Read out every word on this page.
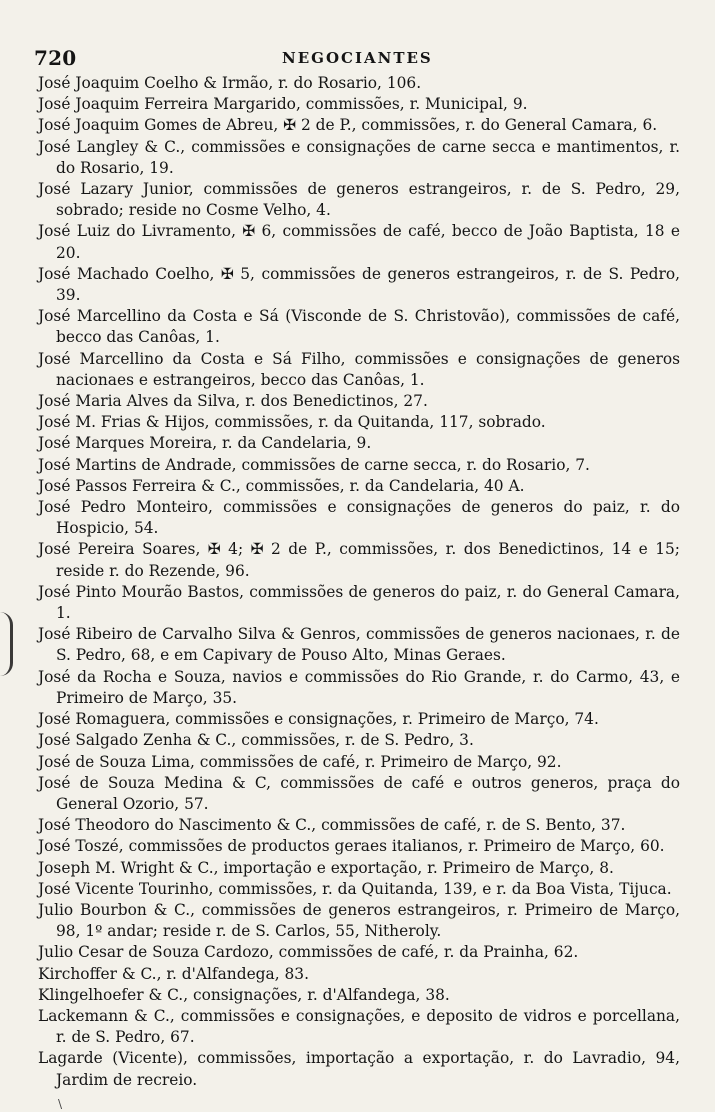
720	NEGOCIANTES

José Joaquim Coelho & Irmão, r. do Rosario, 106.

José Joaquim Ferreira Margarido, commissões, r. Municipal, 9.

José Joaquim Gomes de Abreu, ✠ 2 de P., commissões, r. do General Camara, 6.

José Langley & C., commissões e consignações de carne secca e mantimentos, r. do Rosario, 19.

José Lazary Junior, commissões de generos estrangeiros, r. de S. Pedro, 29, sobrado; reside no Cosme Velho, 4.

José Luiz do Livramento, ✠ 6, commissões de café, becco de João Baptista, 18 e 20.

José Machado Coelho, ✠ 5, commissões de generos estrangeiros, r. de S. Pedro, 39.

José Marcellino da Costa e Sá (Visconde de S. Christovão), commissões de café, becco das Canôas, 1.

José Marcellino da Costa e Sá Filho, commissões e consignações de generos nacionaes e estrangeiros, becco das Canôas, 1.

José Maria Alves da Silva, r. dos Benedictinos, 27.

José M. Frias & Hijos, commissões, r. da Quitanda, 117, sobrado.

José Marques Moreira, r. da Candelaria, 9.

José Martins de Andrade, commissões de carne secca, r. do Rosario, 7.

José Passos Ferreira & C., commissões, r. da Candelaria, 40 A.

José Pedro Monteiro, commissões e consignações de generos do paiz, r. do Hospicio, 54.

José Pereira Soares, ✠ 4; ✠ 2 de P., commissões, r. dos Benedictinos, 14 e 15; reside r. do Rezende, 96.

José Pinto Mourão Bastos, commissões de generos do paiz, r. do General Camara, 1.

José Ribeiro de Carvalho Silva & Genros, commissões de generos nacionaes, r. de S. Pedro, 68, e em Capivary de Pouso Alto, Minas Geraes.

José da Rocha e Souza, navios e commissões do Rio Grande, r. do Carmo, 43, e Primeiro de Março, 35.

José Romaguera, commissões e consignações, r. Primeiro de Março, 74.

José Salgado Zenha & C., commissões, r. de S. Pedro, 3.

José de Souza Lima, commissões de café, r. Primeiro de Março, 92.

José de Souza Medina & C, commissões de café e outros generos, praça do General Ozorio, 57.

José Theodoro do Nascimento & C., commissões de café, r. de S. Bento, 37.

José Toszé, commissões de productos geraes italianos, r. Primeiro de Março, 60.

Joseph M. Wright & C., importação e exportação, r. Primeiro de Março, 8.

José Vicente Tourinho, commissões, r. da Quitanda, 139, e r. da Boa Vista, Tijuca.

Julio Bourbon & C., commissões de generos estrangeiros, r. Primeiro de Março, 98, 1º andar; reside r. de S. Carlos, 55, Nitheroly.

Julio Cesar de Souza Cardozo, commissões de café, r. da Prainha, 62.

Kirchoffer & C., r. d'Alfandega, 83.

Klingelhoefer & C., consignações, r. d'Alfandega, 38.

Lackemann & C., commissões e consignações, e deposito de vidros e porcellana, r. de S. Pedro, 67.

Lagarde (Vicente), commissões, importação a exportação, r. do Lavradio, 94, Jardim de recreio.

\
